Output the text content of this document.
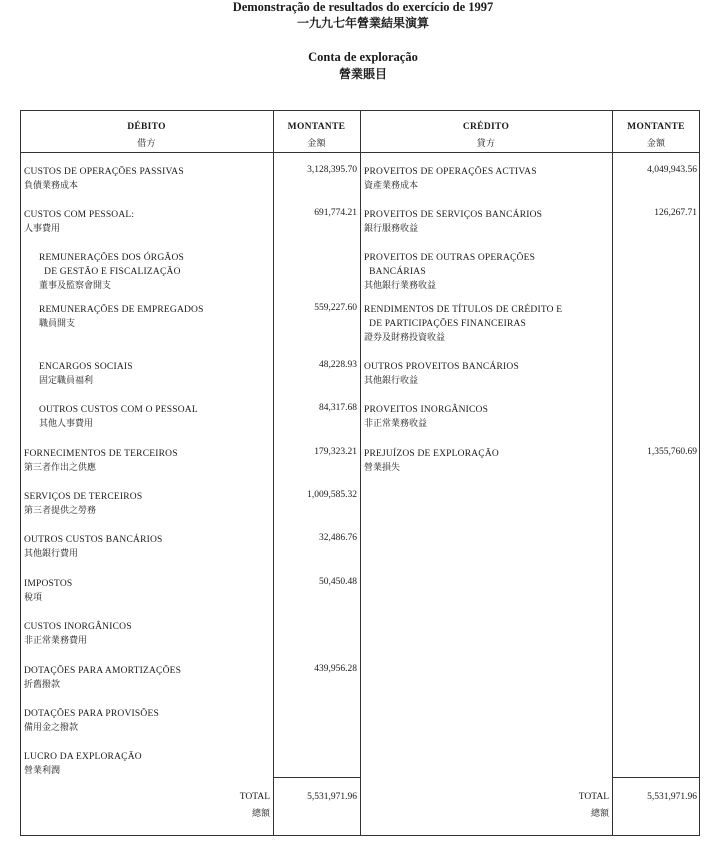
Demonstração de resultados do exercício de 1997
一九九七年營業結果演算
Conta de exploração
營業賬目
DÉBITO
借方
MONTANTE
金額
CRÉDITO
貸方
MONTANTE
金額
CUSTOS DE OPERAÇÕES PASSIVAS
負債業務成本
3,128,395.70
CUSTOS COM PESSOAL:
人事費用
691,774.21
REMUNERAÇÕES DOS ÓRGÃOS
DE GESTÃO E FISCALIZAÇÃO
董事及監察會開支
REMUNERAÇÕES DE EMPREGADOS
職員開支
559,227.60
ENCARGOS SOCIAIS
固定職員福利
48,228.93
OUTROS CUSTOS COM O PESSOAL
其他人事費用
84,317.68
FORNECIMENTOS DE TERCEIROS
第三者作出之供應
179,323.21
SERVIÇOS DE TERCEIROS
第三者提供之勞務
1,009,585.32
OUTROS CUSTOS BANCÁRIOS
其他銀行費用
32,486.76
IMPOSTOS
稅項
50,450.48
CUSTOS INORGÂNICOS
非正常業務費用
DOTAÇÕES PARA AMORTIZAÇÕES
折舊撥款
439,956.28
DOTAÇÕES PARA PROVISÕES
備用金之撥款
LUCRO DA EXPLORAÇÃO
營業利潤
PROVEITOS DE OPERAÇÕES ACTIVAS
資產業務成本
4,049,943.56
PROVEITOS DE SERVIÇOS BANCÁRIOS
銀行服務收益
126,267.71
PROVEITOS DE OUTRAS OPERAÇÕES
BANCÁRIAS
其他銀行業務收益
RENDIMENTOS DE TÍTULOS DE CRÉDITO E
DE PARTICIPAÇÕES FINANCEIRAS
證券及財務投資收益
OUTROS PROVEITOS BANCÁRIOS
其他銀行收益
PROVEITOS INORGÂNICOS
非正常業務收益
PREJUÍZOS DE EXPLORAÇÃO
營業損失
1,355,760.69
TOTAL
總額
5,531,971.96	TOTAL
總額
5,531,971.96
